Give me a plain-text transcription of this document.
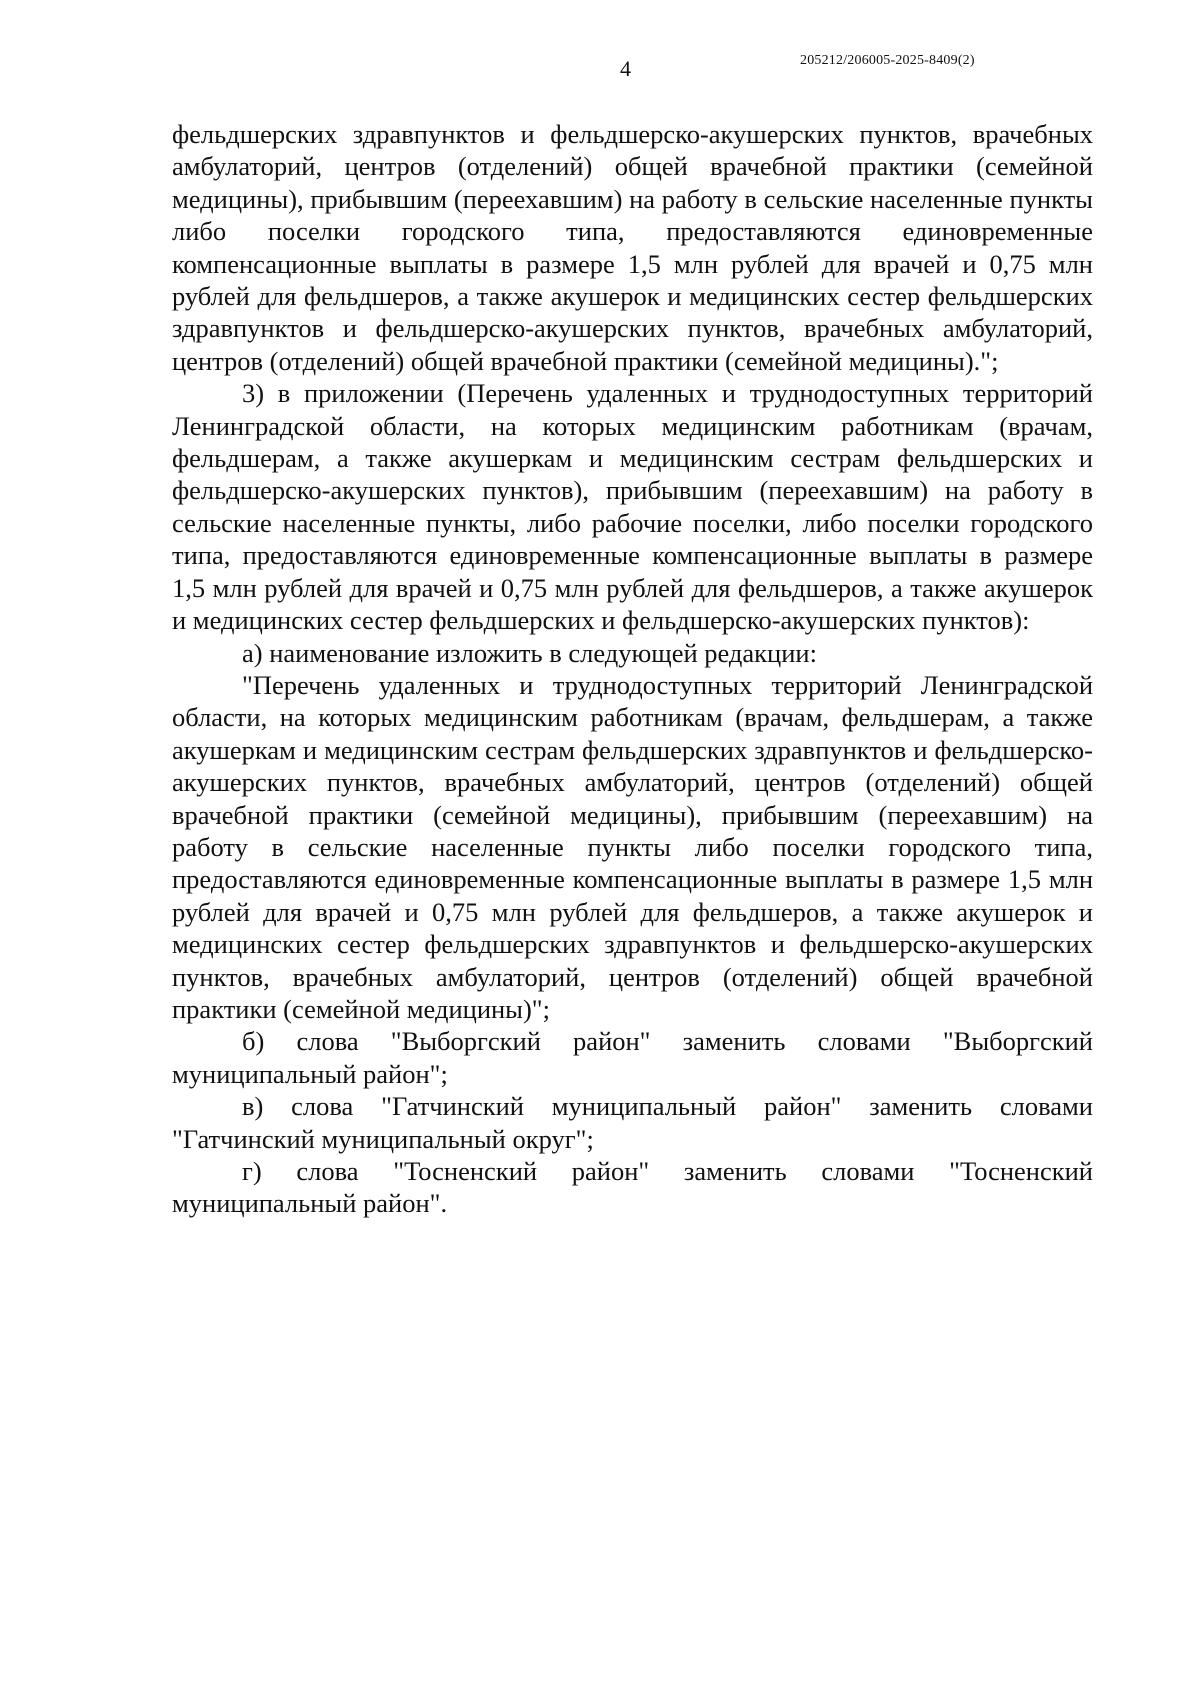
4	205212/206005-2025-8409(2)

фельдшерских здравпунктов и фельдшерско-акушерских пунктов, врачебных амбулаторий, центров (отделений) общей врачебной практики (семейной медицины), прибывшим (переехавшим) на работу в сельские населенные пункты либо поселки городского типа, предоставляются единовременные компенсационные выплаты в размере 1,5 млн рублей для врачей и 0,75 млн рублей для фельдшеров, а также акушерок и медицинских сестер фельдшерских здравпунктов и фельдшерско-акушерских пунктов, врачебных амбулаторий, центров (отделений) общей врачебной практики (семейной медицины).";

3) в приложении (Перечень удаленных и труднодоступных территорий Ленинградской области, на которых медицинским работникам (врачам, фельдшерам, а также акушеркам и медицинским сестрам фельдшерских и фельдшерско-акушерских пунктов), прибывшим (переехавшим) на работу в сельские населенные пункты, либо рабочие поселки, либо поселки городского типа, предоставляются единовременные компенсационные выплаты в размере 1,5 млн рублей для врачей и 0,75 млн рублей для фельдшеров, а также акушерок и медицинских сестер фельдшерских и фельдшерско-акушерских пунктов):

а) наименование изложить в следующей редакции:

"Перечень удаленных и труднодоступных территорий Ленинградской области, на которых медицинским работникам (врачам, фельдшерам, а также акушеркам и медицинским сестрам фельдшерских здравпунктов и фельдшерско-акушерских пунктов, врачебных амбулаторий, центров (отделений) общей врачебной практики (семейной медицины), прибывшим (переехавшим) на работу в сельские населенные пункты либо поселки городского типа, предоставляются единовременные компенсационные выплаты в размере 1,5 млн рублей для врачей и 0,75 млн рублей для фельдшеров, а также акушерок и медицинских сестер фельдшерских здравпунктов и фельдшерско-акушерских пунктов, врачебных амбулаторий, центров (отделений) общей врачебной практики (семейной медицины)";

б) слова "Выборгский район" заменить словами "Выборгский муниципальный район";

в) слова "Гатчинский муниципальный район" заменить словами "Гатчинский муниципальный округ";

г) слова "Тосненский район" заменить словами "Тосненский муниципальный район".
